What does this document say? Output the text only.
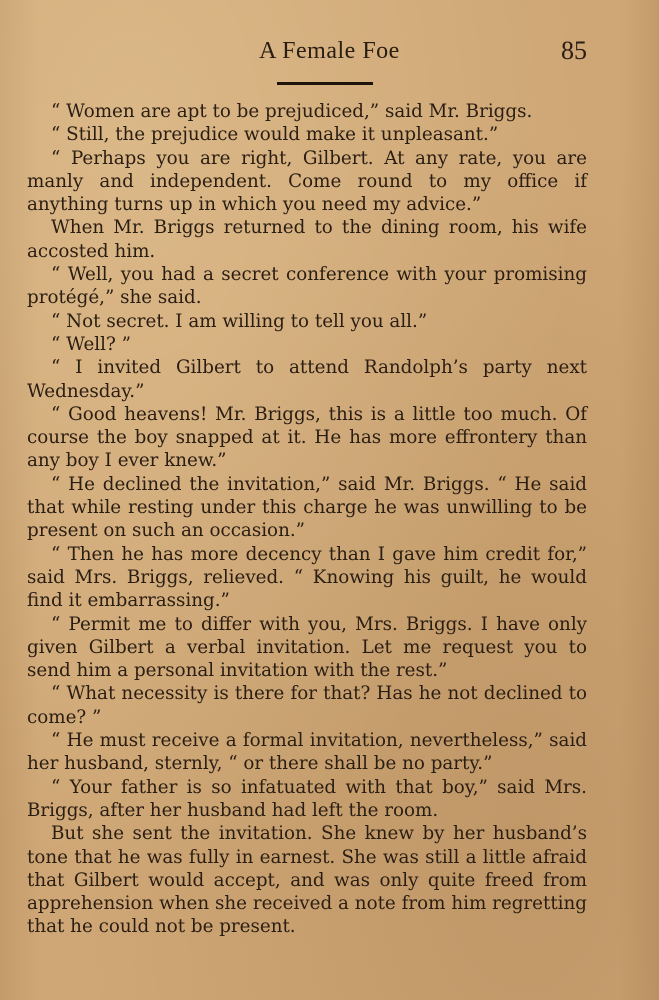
A Female Foe	85

“ Women are apt to be prejudiced,” said Mr. Briggs.

“ Still, the prejudice would make it unpleasant.”

“ Perhaps you are right, Gilbert. At any rate, you are manly and independent. Come round to my office if anything turns up in which you need my advice.”

When Mr. Briggs returned to the dining room, his wife accosted him.

“ Well, you had a secret conference with your promising protégé,” she said.

“ Not secret. I am willing to tell you all.”

“ Well? ”

“ I invited Gilbert to attend Randolph’s party next Wednesday.”

“ Good heavens! Mr. Briggs, this is a little too much. Of course the boy snapped at it. He has more effrontery than any boy I ever knew.”

“ He declined the invitation,” said Mr. Briggs. “ He said that while resting under this charge he was unwilling to be present on such an occasion.”

“ Then he has more decency than I gave him credit for,” said Mrs. Briggs, relieved. “ Knowing his guilt, he would find it embarrassing.”

“ Permit me to differ with you, Mrs. Briggs. I have only given Gilbert a verbal invitation. Let me request you to send him a personal invitation with the rest.”

“ What necessity is there for that? Has he not declined to come? ”

“ He must receive a formal invitation, nevertheless,” said her husband, sternly, “ or there shall be no party.”

“ Your father is so infatuated with that boy,” said Mrs. Briggs, after her husband had left the room.

But she sent the invitation. She knew by her husband’s tone that he was fully in earnest. She was still a little afraid that Gilbert would accept, and was only quite freed from apprehension when she received a note from him regretting that he could not be present.
